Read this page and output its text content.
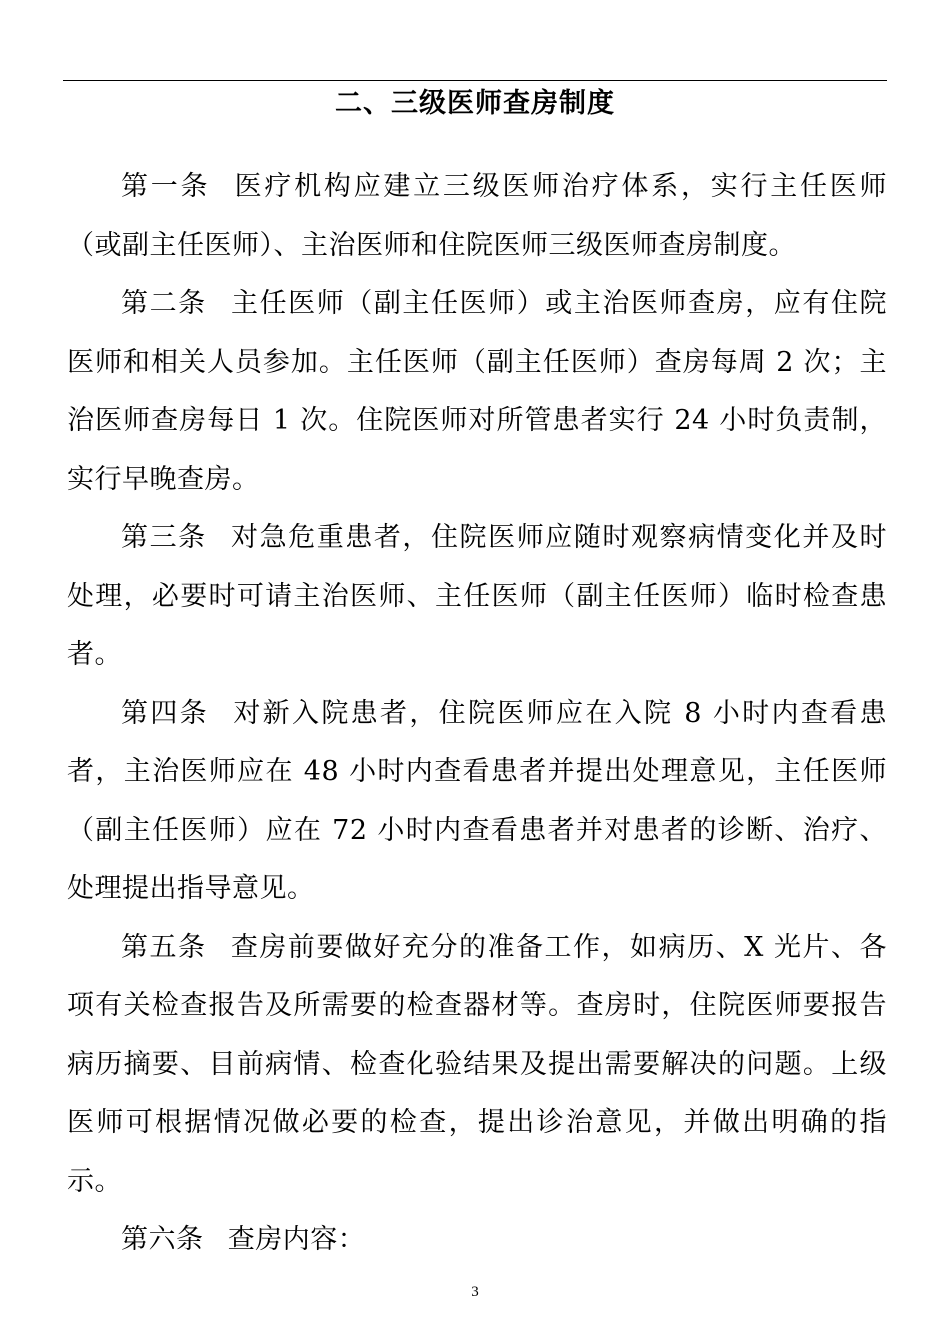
二、三级医师查房制度

第一条 医疗机构应建立三级医师治疗体系，实行主任医师（或副主任医师）、主治医师和住院医师三级医师查房制度。

第二条 主任医师（副主任医师）或主治医师查房，应有住院医师和相关人员参加。主任医师（副主任医师）查房每周 2 次；主治医师查房每日 1 次。住院医师对所管患者实行 24 小时负责制，实行早晚查房。

第三条 对急危重患者，住院医师应随时观察病情变化并及时处理，必要时可请主治医师、主任医师（副主任医师）临时检查患者。

第四条 对新入院患者，住院医师应在入院 8 小时内查看患者，主治医师应在 48 小时内查看患者并提出处理意见，主任医师（副主任医师）应在 72 小时内查看患者并对患者的诊断、治疗、处理提出指导意见。

第五条 查房前要做好充分的准备工作，如病历、X 光片、各项有关检查报告及所需要的检查器材等。查房时，住院医师要报告病历摘要、目前病情、检查化验结果及提出需要解决的问题。上级医师可根据情况做必要的检查，提出诊治意见，并做出明确的指示。

第六条 查房内容：

3
